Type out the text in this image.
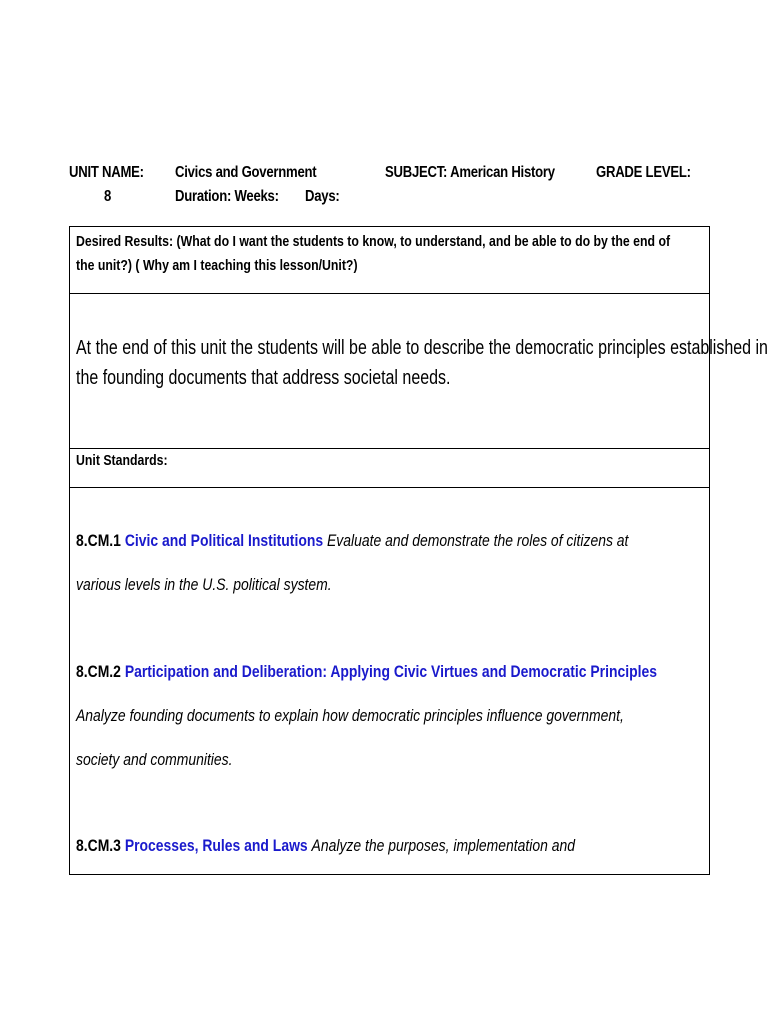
UNIT NAME:
8
Civics and Government
Duration: Weeks: Days:
SUBJECT: American History	GRADE LEVEL:
Desired Results: (What do I want the students to know, to understand, and be able to do by the end of
the unit?) ( Why am I teaching this lesson/Unit?)
At the end of this unit the students will be able to describe the democratic principles established in
the founding documents that address societal needs.
Unit Standards:
8.CM.1 Civic and Political Institutions Evaluate and demonstrate the roles of citizens at
various levels in the U.S. political system.
8.CM.2 Participation and Deliberation: Applying Civic Virtues and Democratic Principles
Analyze founding documents to explain how democratic principles influence government,
society and communities.
8.CM.3 Processes, Rules and Laws Analyze the purposes, implementation and
